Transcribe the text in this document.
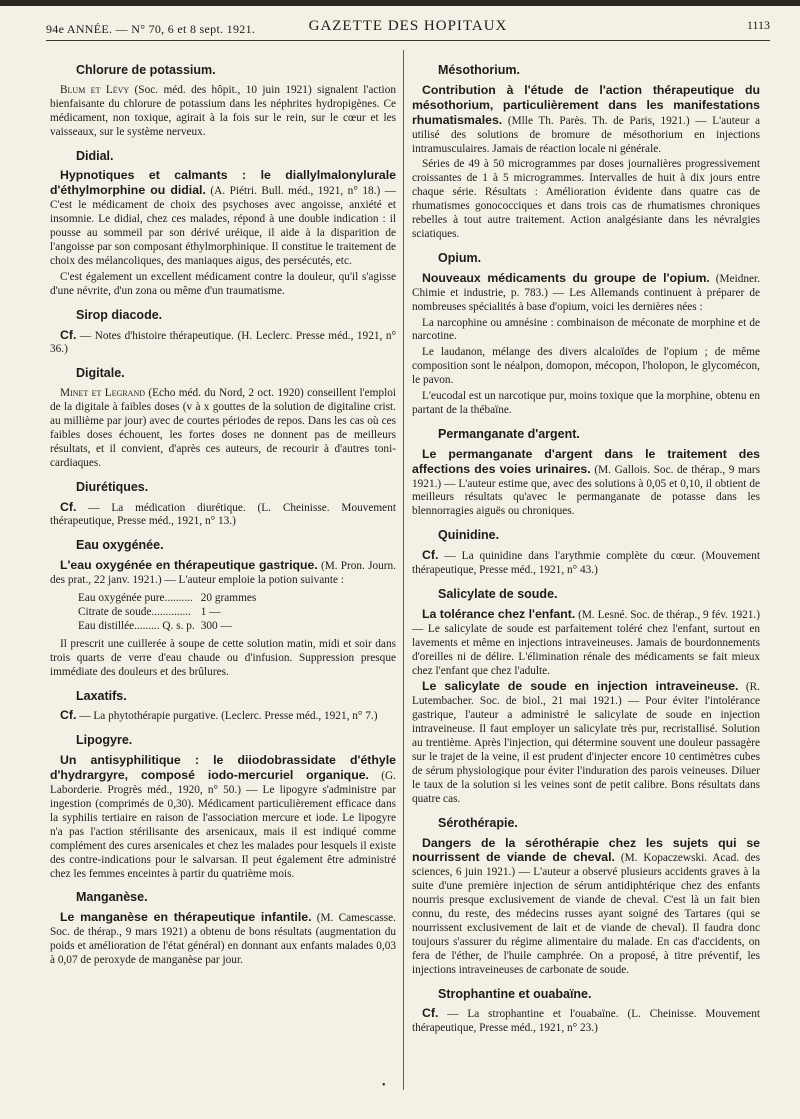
94e ANNÉE. — N° 70, 6 et 8 sept. 1921.	GAZETTE DES HOPITAUX	1113
Chlorure de potassium.

Blum et Lévy (Soc. méd. des hôpit., 10 juin 1921) signalent l'action bienfaisante du chlorure de potassium dans les néphrites hydropigènes. Ce médicament, non toxique, agirait à la fois sur le rein, sur le cœur et les vaisseaux, sur le système nerveux.

Didial.

Hypnotiques et calmants : le diallylmalonylurale d'éthylmorphine ou didial. (A. Piétri. Bull. méd., 1921, n° 18.) — C'est le médicament de choix des psychoses avec angoisse, anxiété et insomnie. Le didial, chez ces malades, répond à une double indication : il pousse au sommeil par son dérivé uréique, il aide à la disparition de l'angoisse par son composant éthylmorphinique. Il constitue le traitement de choix des mélancoliques, des maniaques aigus, des persécutés, etc.

C'est également un excellent médicament contre la douleur, qu'il s'agisse d'une névrite, d'un zona ou même d'un traumatisme.

Sirop diacode.

Cf. — Notes d'histoire thérapeutique. (H. Leclerc. Presse méd., 1921, n° 36.)

Digitale.

Minet et Legrand (Echo méd. du Nord, 2 oct. 1920) conseillent l'emploi de la digitale à faibles doses (v à x gouttes de la solution de digitaline crist. au millième par jour) avec de courtes périodes de repos. Dans les cas où ces faibles doses échouent, les fortes doses ne donnent pas de meilleurs résultats, et il convient, d'après ces auteurs, de recourir à d'autres toni-cardiaques.

Diurétiques.

Cf. — La médication diurétique. (L. Cheinisse. Mouvement thérapeutique, Presse méd., 1921, n° 13.)

Eau oxygénée.

L'eau oxygénée en thérapeutique gastrique. (M. Pron. Journ. des prat., 22 janv. 1921.) — L'auteur emploie la potion suivante :

Eau oxygénée pure..........	20 grammes
Citrate de soude..............	1 —
Eau distillée......... Q. s. p.	300 —

Il prescrit une cuillerée à soupe de cette solution matin, midi et soir dans trois quarts de verre d'eau chaude ou d'infusion. Suppression presque immédiate des douleurs et des brûlures.

Laxatifs.

Cf. — La phytothérapie purgative. (Leclerc. Presse méd., 1921, n° 7.)

Lipogyre.

Un antisyphilitique : le diiodobrassidate d'éthyle d'hydrargyre, composé iodo-mercuriel organique. (G. Laborderie. Progrès méd., 1920, n° 50.) — Le lipogyre s'administre par ingestion (comprimés de 0,30). Médicament particulièrement efficace dans la syphilis tertiaire en raison de l'association mercure et iode. Le lipogyre n'a pas l'action stérilisante des arsenicaux, mais il est indiqué comme complément des cures arsenicales et chez les malades pour lesquels il existe des contre-indications pour le salvarsan. Il peut également être administré chez les femmes enceintes à partir du quatrième mois.

Manganèse.

Le manganèse en thérapeutique infantile. (M. Camescasse. Soc. de thérap., 9 mars 1921) a obtenu de bons résultats (augmentation du poids et amélioration de l'état général) en donnant aux enfants malades 0,03 à 0,07 de peroxyde de manganèse par jour.

Mésothorium.

Contribution à l'étude de l'action thérapeutique du mésothorium, particulièrement dans les manifestations rhumatismales. (Mlle Th. Parès. Th. de Paris, 1921.) — L'auteur a utilisé des solutions de bromure de mésothorium en injections intramusculaires. Jamais de réaction locale ni générale.

Séries de 49 à 50 microgrammes par doses journalières progressivement croissantes de 1 à 5 microgrammes. Intervalles de huit à dix jours entre chaque série. Résultats : Amélioration évidente dans quatre cas de rhumatismes gonococciques et dans trois cas de rhumatismes chroniques rebelles à tout autre traitement. Action analgésiante dans les névralgies sciatiques.

Opium.

Nouveaux médicaments du groupe de l'opium. (Meidner. Chimie et industrie, p. 783.) — Les Allemands continuent à préparer de nombreuses spécialités à base d'opium, voici les dernières nées :

La narcophine ou amnésine : combinaison de méconate de morphine et de narcotine.

Le laudanon, mélange des divers alcaloïdes de l'opium ; de même composition sont le néalpon, domopon, mécopon, l'holopon, le glycomécon, le pavon.

L'eucodal est un narcotique pur, moins toxique que la morphine, obtenu en partant de la thébaïne.

Permanganate d'argent.

Le permanganate d'argent dans le traitement des affections des voies urinaires. (M. Gallois. Soc. de thérap., 9 mars 1921.) — L'auteur estime que, avec des solutions à 0,05 et 0,10, il obtient de meilleurs résultats qu'avec le permanganate de potasse dans les blennorragies aiguës ou chroniques.

Quinidine.

Cf. — La quinidine dans l'arythmie complète du cœur. (Mouvement thérapeutique, Presse méd., 1921, n° 43.)

Salicylate de soude.

La tolérance chez l'enfant. (M. Lesné. Soc. de thérap., 9 fév. 1921.) — Le salicylate de soude est parfaitement toléré chez l'enfant, surtout en lavements et même en injections intraveineuses. Jamais de bourdonnements d'oreilles ni de délire. L'élimination rénale des médicaments se fait mieux chez l'enfant que chez l'adulte.

Le salicylate de soude en injection intraveineuse. (R. Lutembacher. Soc. de biol., 21 mai 1921.) — Pour éviter l'intolérance gastrique, l'auteur a administré le salicylate de soude en injection intraveineuse. Il faut employer un salicylate très pur, recristallisé. Solution au trentième. Après l'injection, qui détermine souvent une douleur passagère sur le trajet de la veine, il est prudent d'injecter encore 10 centimètres cubes de sérum physiologique pour éviter l'induration des parois veineuses. Diluer le taux de la solution si les veines sont de petit calibre. Bons résultats dans quatre cas.

Sérothérapie.

Dangers de la sérothérapie chez les sujets qui se nourrissent de viande de cheval. (M. Kopaczewski. Acad. des sciences, 6 juin 1921.) — L'auteur a observé plusieurs accidents graves à la suite d'une première injection de sérum antidiphtérique chez des enfants nourris presque exclusivement de viande de cheval. C'est là un fait bien connu, du reste, des médecins russes ayant soigné des Tartares (qui se nourrissent exclusivement de lait et de viande de cheval). Il faudra donc toujours s'assurer du régime alimentaire du malade. En cas d'accidents, on fera de l'éther, de l'huile camphrée. On a proposé, à titre préventif, les injections intraveineuses de carbonate de soude.

Strophantine et ouabaïne.

Cf. — La strophantine et l'ouabaïne. (L. Cheinisse. Mouvement thérapeutique, Presse méd., 1921, n° 23.)

•
